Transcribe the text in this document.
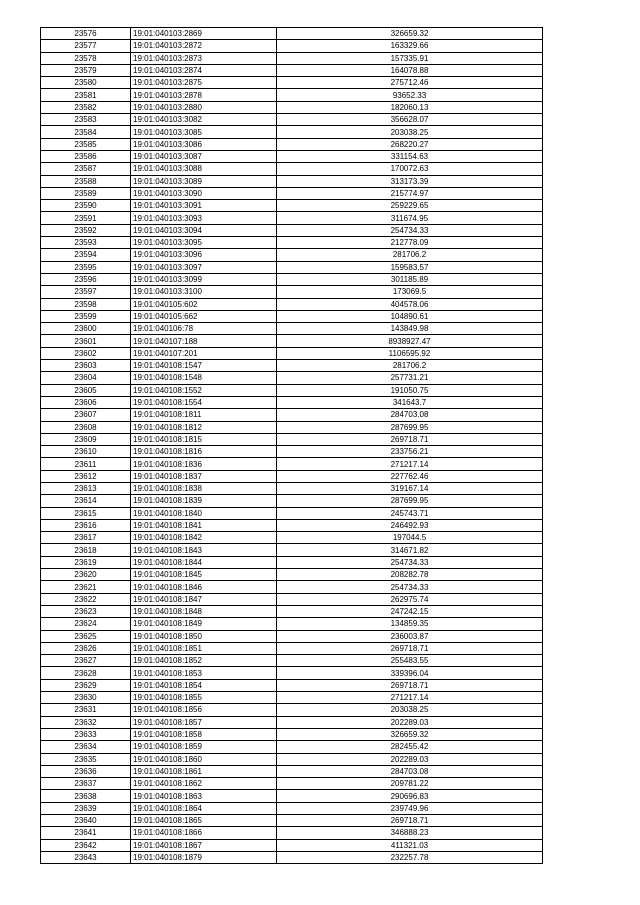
23576	19:01:040103:2869	326659.32
23577	19:01:040103:2872	163329.66
23578	19:01:040103:2873	157335.91
23579	19:01:040103:2874	164078.88
23580	19:01:040103:2875	275712.46
23581	19:01:040103:2878	93652.33
23582	19:01:040103:2880	182060.13
23583	19:01:040103:3082	356628.07
23584	19:01:040103:3085	203038.25
23585	19:01:040103:3086	268220.27
23586	19:01:040103:3087	331154.63
23587	19:01:040103:3088	170072.63
23588	19:01:040103:3089	313173.39
23589	19:01:040103:3090	215774.97
23590	19:01:040103:3091	259229.65
23591	19:01:040103:3093	311674.95
23592	19:01:040103:3094	254734.33
23593	19:01:040103:3095	212778.09
23594	19:01:040103:3096	281706.2
23595	19:01:040103:3097	159583.57
23596	19:01:040103:3099	301185.89
23597	19:01:040103:3100	173069.5
23598	19:01:040105:602	404578.06
23599	19:01:040105:662	104890.61
23600	19:01:040106:78	143849.98
23601	19:01:040107:188	8938927.47
23602	19:01:040107:201	1106595.92
23603	19:01:040108:1547	281706.2
23604	19:01:040108:1548	257731.21
23605	19:01:040108:1552	191050.75
23606	19:01:040108:1554	341643.7
23607	19:01:040108:1811	284703.08
23608	19:01:040108:1812	287699.95
23609	19:01:040108:1815	269718.71
23610	19:01:040108:1816	233756.21
23611	19:01:040108:1836	271217.14
23612	19:01:040108:1837	227762.46
23613	19:01:040108:1838	319167.14
23614	19:01:040108:1839	287699.95
23615	19:01:040108:1840	245743.71
23616	19:01:040108:1841	246492.93
23617	19:01:040108:1842	197044.5
23618	19:01:040108:1843	314671.82
23619	19:01:040108:1844	254734.33
23620	19:01:040108:1845	208282.78
23621	19:01:040108:1846	254734.33
23622	19:01:040108:1847	262975.74
23623	19:01:040108:1848	247242.15
23624	19:01:040108:1849	134859.35
23625	19:01:040108:1850	236003.87
23626	19:01:040108:1851	269718.71
23627	19:01:040108:1852	255483.55
23628	19:01:040108:1853	339396.04
23629	19:01:040108:1854	269718.71
23630	19:01:040108:1855	271217.14
23631	19:01:040108:1856	203038.25
23632	19:01:040108:1857	202289.03
23633	19:01:040108:1858	326659.32
23634	19:01:040108:1859	282455.42
23635	19:01:040108:1860	202289.03
23636	19:01:040108:1861	284703.08
23637	19:01:040108:1862	209781.22
23638	19:01:040108:1863	290696.83
23639	19:01:040108:1864	239749.96
23640	19:01:040108:1865	269718.71
23641	19:01:040108:1866	346888.23
23642	19:01:040108:1867	411321.03
23643	19:01:040108:1879	232257.78
